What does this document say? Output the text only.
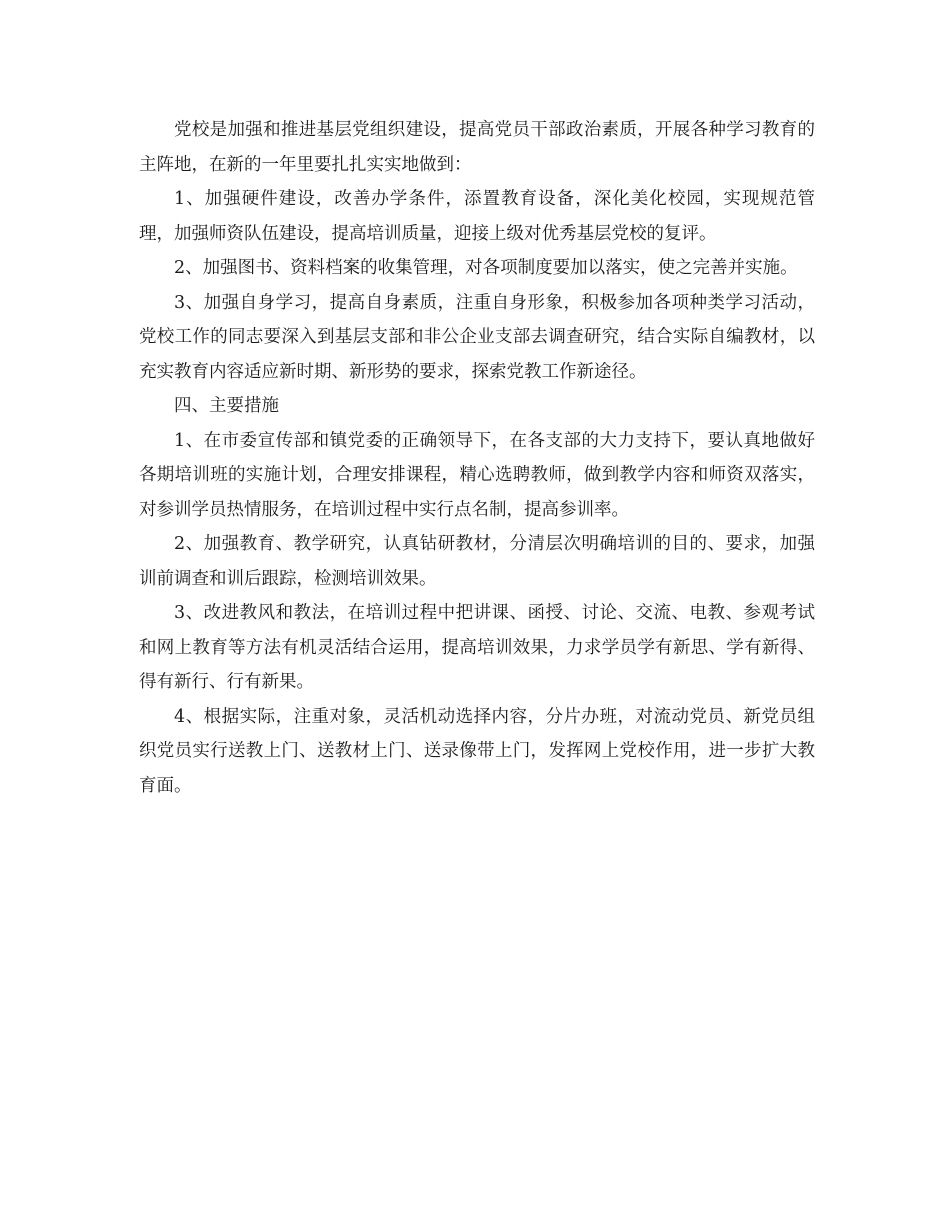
党校是加强和推进基层党组织建设，提高党员干部政治素质，开展各种学习教育的主阵地，在新的一年里要扎扎实实地做到：

1、加强硬件建设，改善办学条件，添置教育设备，深化美化校园，实现规范管理，加强师资队伍建设，提高培训质量，迎接上级对优秀基层党校的复评。

2、加强图书、资料档案的收集管理，对各项制度要加以落实，使之完善并实施。

3、加强自身学习，提高自身素质，注重自身形象，积极参加各项种类学习活动，党校工作的同志要深入到基层支部和非公企业支部去调查研究，结合实际自编教材，以充实教育内容适应新时期、新形势的要求，探索党教工作新途径。

四、主要措施

1、在市委宣传部和镇党委的正确领导下，在各支部的大力支持下，要认真地做好各期培训班的实施计划，合理安排课程，精心选聘教师，做到教学内容和师资双落实，对参训学员热情服务，在培训过程中实行点名制，提高参训率。

2、加强教育、教学研究，认真钻研教材，分清层次明确培训的目的、要求，加强训前调查和训后跟踪，检测培训效果。

3、改进教风和教法，在培训过程中把讲课、函授、讨论、交流、电教、参观考试和网上教育等方法有机灵活结合运用，提高培训效果，力求学员学有新思、学有新得、得有新行、行有新果。

4、根据实际，注重对象，灵活机动选择内容，分片办班，对流动党员、新党员组织党员实行送教上门、送教材上门、送录像带上门，发挥网上党校作用，进一步扩大教育面。
